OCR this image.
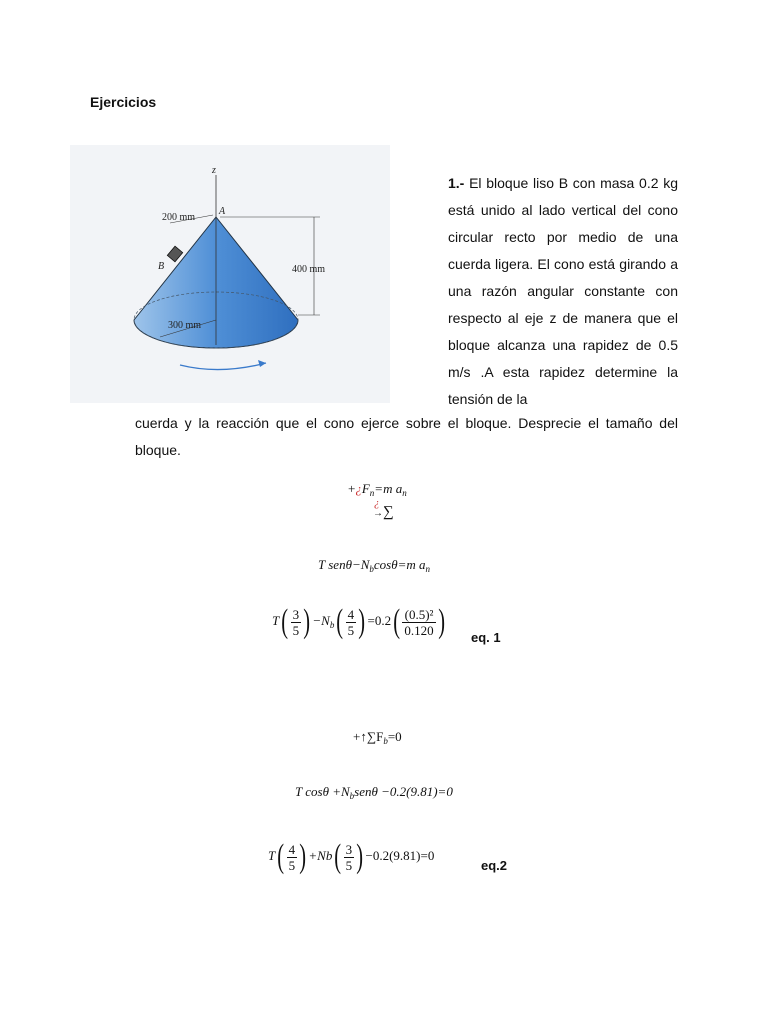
Ejercicios
z
A
B
200 mm
400 mm
300 mm

1.- El bloque liso B con masa 0.2 kg está unido al lado vertical del cono circular recto por medio de una cuerda ligera. El cono está girando a una razón angular constante con respecto al eje z de manera que el bloque alcanza una rapidez de 0.5 m/s .A esta rapidez determine la tensión de la

cuerda y la reacción que el cono ejerce sobre el bloque. Desprecie el tamaño del bloque.

$+¿F_n=m$ $a_n$
¿
→∑
T $sen\theta-N_b\cos\theta=m$ $a_n$
$T( \frac{3}{5}$ ) $-N_b( \frac{4}{5}$ ) $=0.2( \frac{\text{(0.5)²}}{0.120}$ ) eq. 1
$+↑\sum F_b=0$
T $\cos\theta +N_bsen\theta -0.2(9.81)=0$
$T( \frac{4}{5}$ ) $+Nb( \frac{3}{5}$ ) −0.2(9.81)=0
eq.2
